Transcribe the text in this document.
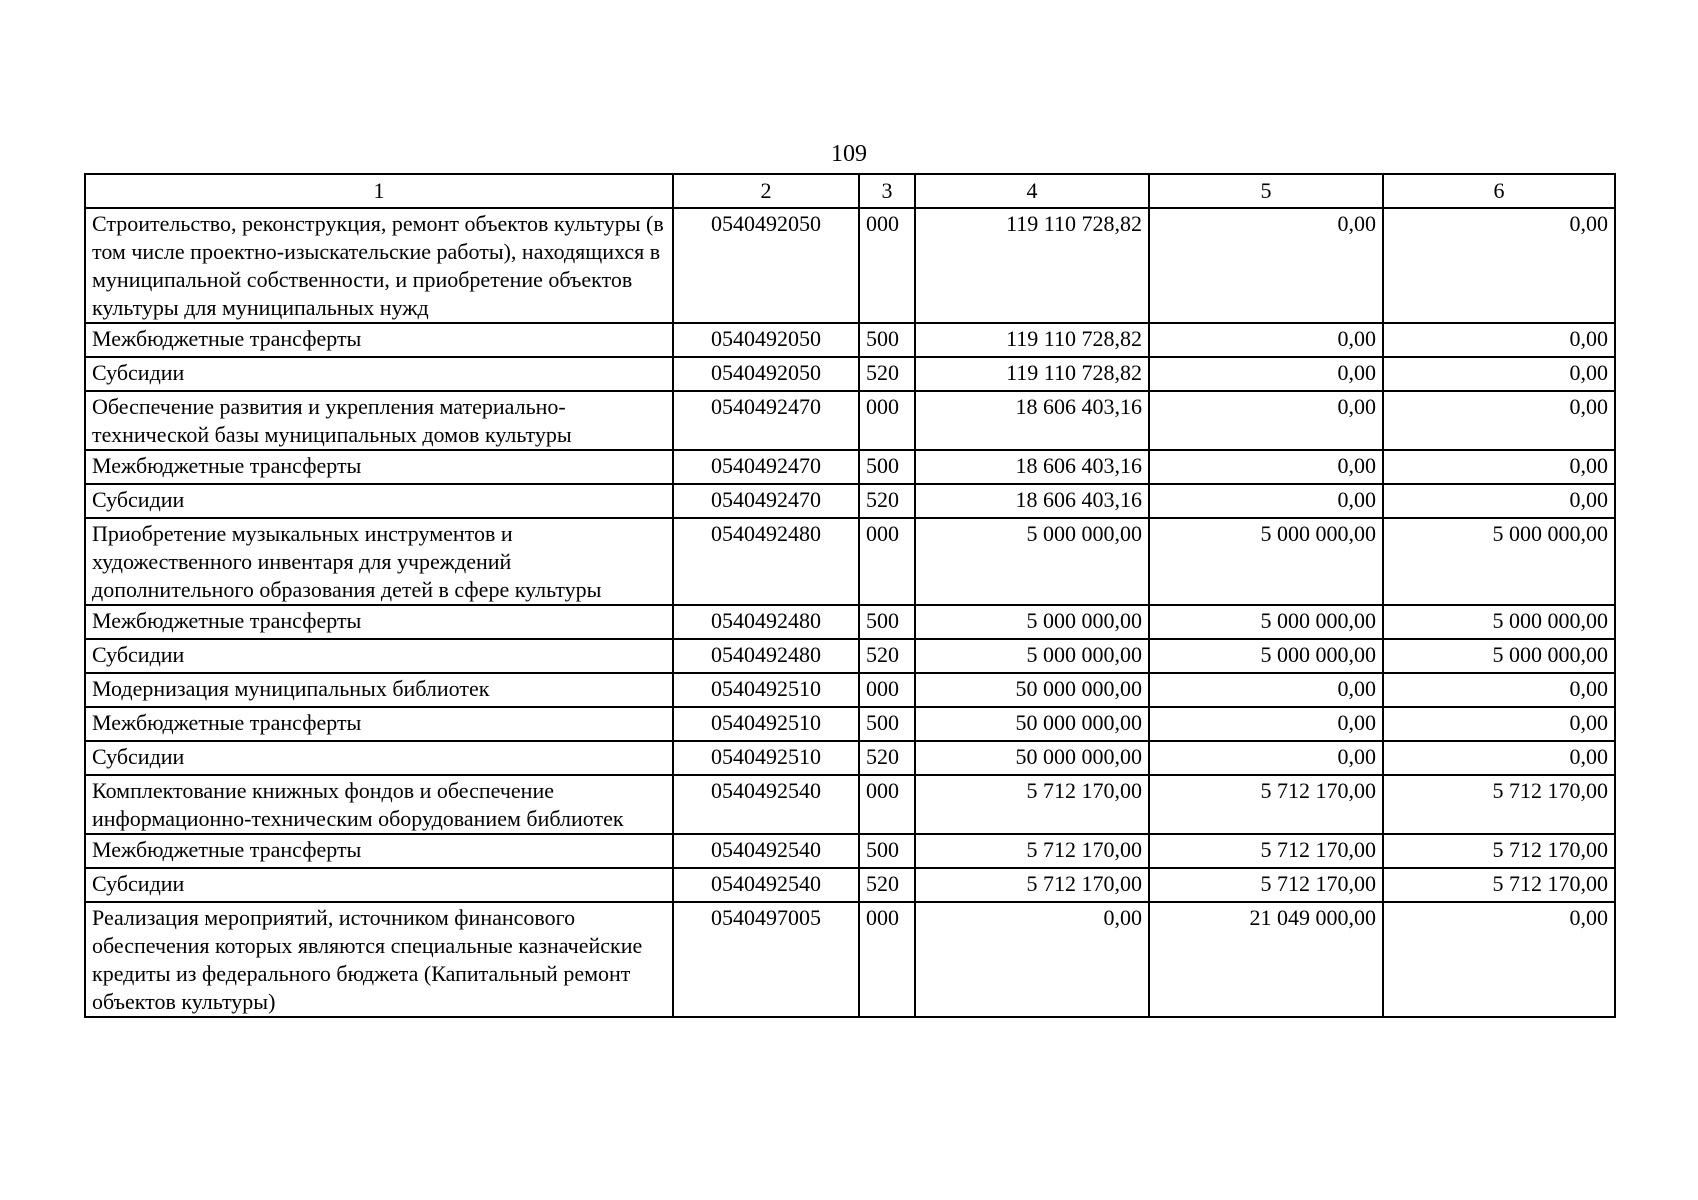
109
1	2	3	4	5	6
Строительство, реконструкция, ремонт объектов культуры (в том числе проектно-изыскательские работы), находящихся в муниципальной собственности, и приобретение объектов культуры для муниципальных нужд	0540492050	000	119 110 728,82	0,00	0,00
Межбюджетные трансферты	0540492050	500	119 110 728,82	0,00	0,00
Субсидии	0540492050	520	119 110 728,82	0,00	0,00
Обеспечение развития и укрепления материально-технической базы муниципальных домов культуры	0540492470	000	18 606 403,16	0,00	0,00
Межбюджетные трансферты	0540492470	500	18 606 403,16	0,00	0,00
Субсидии	0540492470	520	18 606 403,16	0,00	0,00
Приобретение музыкальных инструментов и художественного инвентаря для учреждений дополнительного образования детей в сфере культуры	0540492480	000	5 000 000,00	5 000 000,00	5 000 000,00
Межбюджетные трансферты	0540492480	500	5 000 000,00	5 000 000,00	5 000 000,00
Субсидии	0540492480	520	5 000 000,00	5 000 000,00	5 000 000,00
Модернизация муниципальных библиотек	0540492510	000	50 000 000,00	0,00	0,00
Межбюджетные трансферты	0540492510	500	50 000 000,00	0,00	0,00
Субсидии	0540492510	520	50 000 000,00	0,00	0,00
Комплектование книжных фондов и обеспечение информационно-техническим оборудованием библиотек	0540492540	000	5 712 170,00	5 712 170,00	5 712 170,00
Межбюджетные трансферты	0540492540	500	5 712 170,00	5 712 170,00	5 712 170,00
Субсидии	0540492540	520	5 712 170,00	5 712 170,00	5 712 170,00
Реализация мероприятий, источником финансового обеспечения которых являются специальные казначейские кредиты из федерального бюджета (Капитальный ремонт объектов культуры)	0540497005	000	0,00	21 049 000,00	0,00
